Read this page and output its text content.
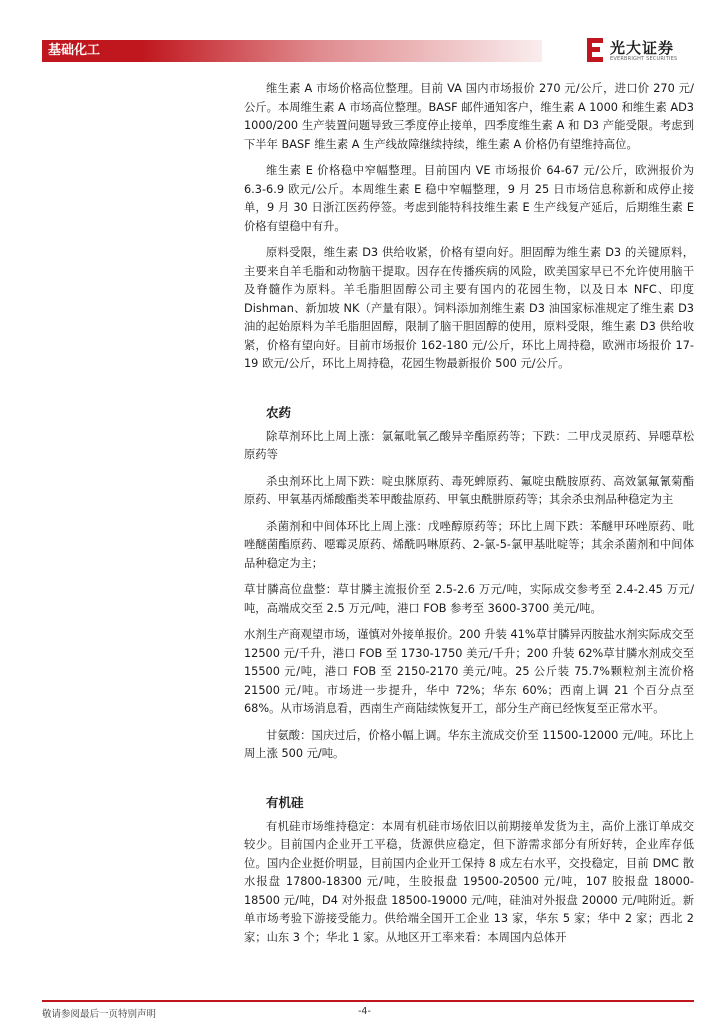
基础化工	光大证券
EVERBRIGHT SECURITIES

维生素 A 市场价格高位整理。目前 VA 国内市场报价 270 元/公斤，进口价 270 元/公斤。本周维生素 A 市场高位整理。BASF 邮件通知客户，维生素 A 1000 和维生素 AD3 1000/200 生产装置问题导致三季度停止接单，四季度维生素 A 和 D3 产能受限。考虑到下半年 BASF 维生素 A 生产线故障继续持续，维生素 A 价格仍有望维持高位。

维生素 E 价格稳中窄幅整理。目前国内 VE 市场报价 64-67 元/公斤，欧洲报价为 6.3-6.9 欧元/公斤。本周维生素 E 稳中窄幅整理，9 月 25 日市场信息称新和成停止接单，9 月 30 日浙江医药停签。考虑到能特科技维生素 E 生产线复产延后，后期维生素 E 价格有望稳中有升。

原料受限，维生素 D3 供给收紧，价格有望向好。胆固醇为维生素 D3 的关键原料，主要来自羊毛脂和动物脑干提取。因存在传播疾病的风险，欧美国家早已不允许使用脑干及脊髓作为原料。羊毛脂胆固醇公司主要有国内的花园生物，以及日本 NFC、印度 Dishman、新加坡 NK（产量有限）。饲料添加剂维生素 D3 油国家标准规定了维生素 D3 油的起始原料为羊毛脂胆固醇，限制了脑干胆固醇的使用，原料受限，维生素 D3 供给收紧，价格有望向好。目前市场报价 162-180 元/公斤，环比上周持稳，欧洲市场报价 17-19 欧元/公斤，环比上周持稳，花园生物最新报价 500 元/公斤。

农药

除草剂环比上周上涨：氯氟吡氧乙酸异辛酯原药等；下跌：二甲戊灵原药、异噁草松原药等

杀虫剂环比上周下跌：啶虫脒原药、毒死蜱原药、氟啶虫酰胺原药、高效氯氟氰菊酯原药、甲氧基丙烯酸酯类苯甲酸盐原药、甲氧虫酰肼原药等；其余杀虫剂品种稳定为主

杀菌剂和中间体环比上周上涨：戊唑醇原药等；环比上周下跌：苯醚甲环唑原药、吡唑醚菌酯原药、噁霉灵原药、烯酰吗啉原药、2-氯-5-氯甲基吡啶等；其余杀菌剂和中间体品种稳定为主；

草甘膦高位盘整：草甘膦主流报价至 2.5-2.6 万元/吨，实际成交参考至 2.4-2.45 万元/吨，高端成交至 2.5 万元/吨，港口 FOB 参考至 3600-3700 美元/吨。

水剂生产商观望市场，谨慎对外接单报价。200 升装 41%草甘膦异丙胺盐水剂实际成交至 12500 元/千升，港口 FOB 至 1730-1750 美元/千升；200 升装 62%草甘膦水剂成交至 15500 元/吨，港口 FOB 至 2150-2170 美元/吨。25 公斤装 75.7%颗粒剂主流价格 21500 元/吨。市场进一步提升，华中 72%；华东 60%；西南上调 21 个百分点至 68%。从市场消息看，西南生产商陆续恢复开工，部分生产商已经恢复至正常水平。

甘氨酸：国庆过后，价格小幅上调。华东主流成交价至 11500-12000 元/吨。环比上周上涨 500 元/吨。

有机硅

有机硅市场维持稳定：本周有机硅市场依旧以前期接单发货为主，高价上涨订单成交较少。目前国内企业开工平稳，货源供应稳定，但下游需求部分有所好转，企业库存低位。国内企业挺价明显，目前国内企业开工保持 8 成左右水平，交投稳定，目前 DMC 散水报盘 17800-18300 元/吨，生胶报盘 19500-20500 元/吨，107 胶报盘 18000-18500 元/吨，D4 对外报盘 18500-19000 元/吨，硅油对外报盘 20000 元/吨附近。新单市场考验下游接受能力。供给端全国开工企业 13 家，华东 5 家；华中 2 家；西北 2 家；山东 3 个；华北 1 家。从地区开工率来看：本周国内总体开

敬请参阅最后一页特别声明	-4-
